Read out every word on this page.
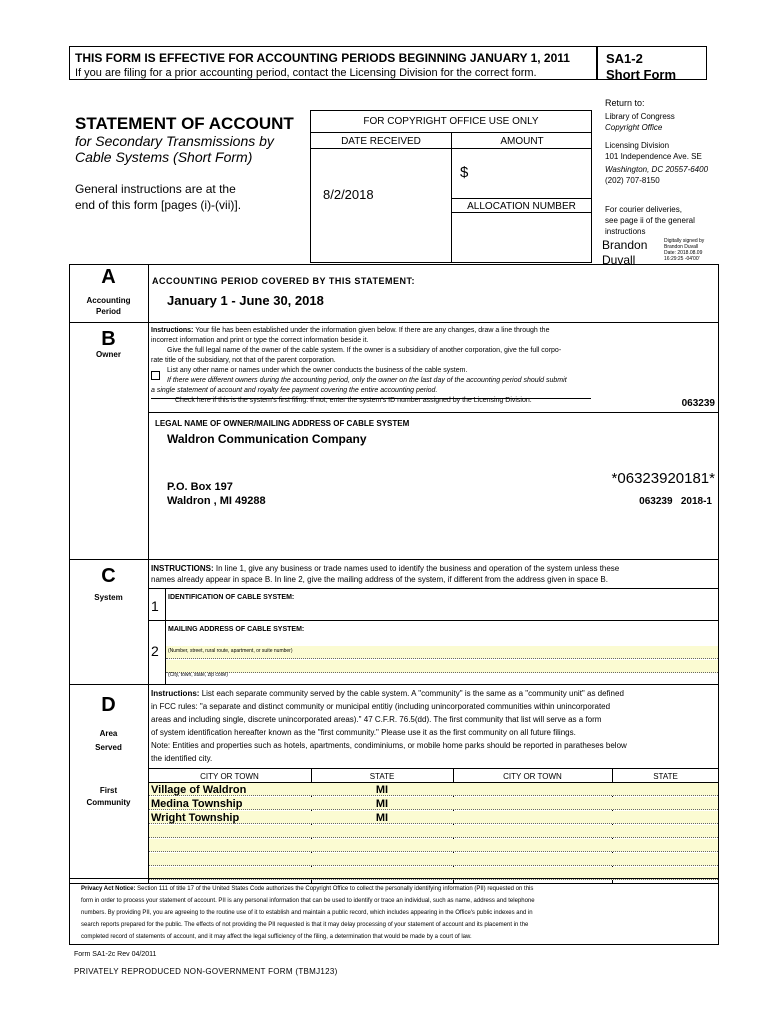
THIS FORM IS EFFECTIVE FOR ACCOUNTING PERIODS BEGINNING JANUARY 1, 2011
If you are filing for a prior accounting period, contact the Licensing Division for the correct form.
SA1-2
Short Form
STATEMENT OF ACCOUNT
for Secondary Transmissions by
Cable Systems (Short Form)
General instructions are at the
end of this form [pages (i)-(vii)].
FOR COPYRIGHT OFFICE USE ONLY
DATE RECEIVED	AMOUNT
$
8/2/2018
ALLOCATION NUMBER
Return to:
Library of Congress
Copyright Office
Licensing Division
101 Independence Ave. SE
Washington, DC 20557-6400
(202) 707-8150
For courier deliveries,
see page ii of the general
instructions
Brandon
Duvall
Digitally signed by
Brandon Duvall
Date: 2018.08.09
16:29:25 -04'00'
A
Accounting
Period
ACCOUNTING PERIOD COVERED BY THIS STATEMENT:
January 1 - June 30, 2018
B
Owner
Instructions: Your file has been established under the information given below. If there are any changes, draw a line through the
incorrect information and print or type the correct information beside it.
Give the full legal name of the owner of the cable system. If the owner is a subsidiary of another corporation, give the full corpo-
rate title of the subsidiary, not that of the parent corporation.
List any other name or names under which the owner conducts the business of the cable system.
If there were different owners during the accounting period, only the owner on the last day of the accounting period should submit
a single statement of account and royalty fee payment covering the entire accounting period.
Check here if this is the system's first filing. If not, enter the system's ID number assigned by the Licensing Division.	063239
LEGAL NAME OF OWNER/MAILING ADDRESS OF CABLE SYSTEM
Waldron Communication Company
*06323920181*
P.O. Box 197
Waldron , MI 49288	063239 2018-1
C
System
INSTRUCTIONS: In line 1, give any business or trade names used to identify the business and operation of the system unless these
names already appear in space B. In line 2, give the mailing address of the system, if different from the address given in space B.
IDENTIFICATION OF CABLE SYSTEM:
1
MAILING ADDRESS OF CABLE SYSTEM:
2 (Number, street, rural route, apartment, or suite number)
(City, town, state, zip code)
D
Area
Served
First
Community
Instructions: List each separate community served by the cable system. A "community" is the same as a "community unit" as defined
in FCC rules: "a separate and distinct community or municipal entitiy (including unincorporated communities within unincorporated
areas and including single, discrete unincorporated areas)." 47 C.F.R. 76.5(dd). The first community that list will serve as a form
of system identification hereafter known as the "first community." Please use it as the first community on all future filings.
Note: Entities and properties such as hotels, apartments, condiminiums, or mobile home parks should be reported in paratheses below
the identified city.
CITY OR TOWN	STATE	CITY OR TOWN	STATE
Village of Waldron	MI
Medina Township	MI
Wright Township	MI
Privacy Act Notice: Section 111 of title 17 of the United States Code authorizes the Copyright Office to collect the personally identifying information (PII) requested on this
form in order to process your statement of account. PII is any personal information that can be used to identify or trace an individual, such as name, address and telephone
numbers. By providing PII, you are agreeing to the routine use of it to establish and maintain a public record, which includes appearing in the Office's public indexes and in
search reports prepared for the public. The effects of not providing the PII requested is that it may delay processing of your statement of account and its placement in the
completed record of statements of account, and it may affect the legal sufficiency of the filing, a determination that would be made by a court of law.
Form SA1-2c Rev 04/2011
PRIVATELY REPRODUCED NON-GOVERNMENT FORM (TBMJ123)
